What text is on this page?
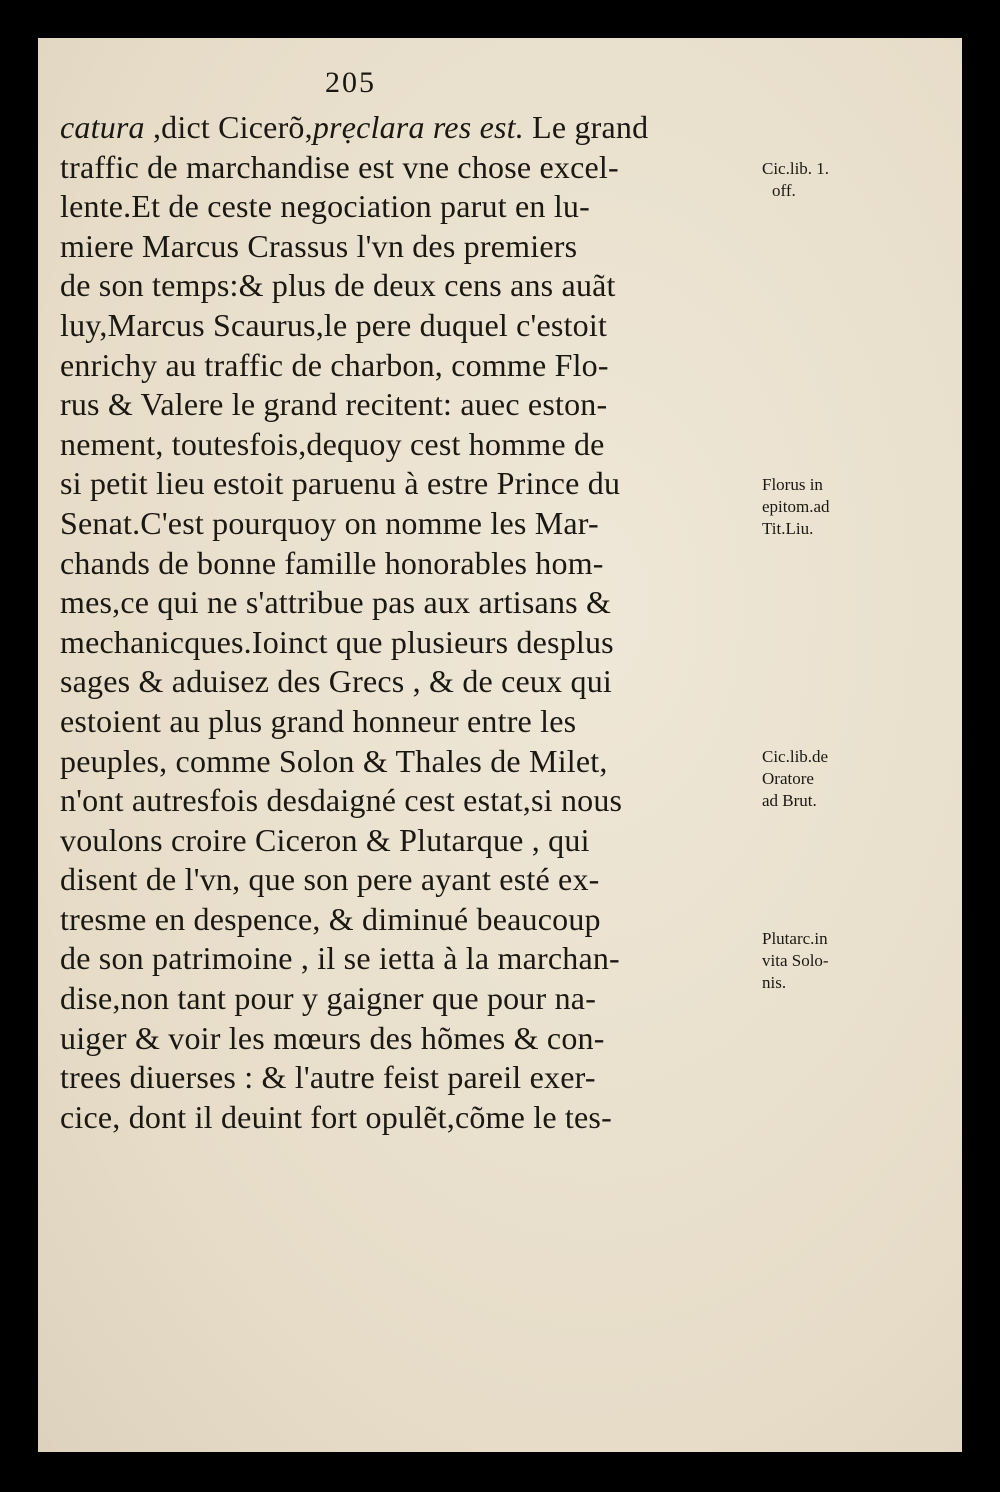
205
catura ,dict Cicerõ,prẹclara res est. Le grand
traffic de marchandise est vne chose excel-
lente.Et de ceste negociation parut en lu-
miere Marcus Crassus l'vn des premiers
de son temps:& plus de deux cens ans auãt
luy,Marcus Scaurus,le pere duquel c'estoit
enrichy au traffic de charbon, comme Flo-
rus & Valere le grand recitent: auec eston-
nement, toutesfois,dequoy cest homme de
si petit lieu estoit paruenu à estre Prince du
Senat.C'est pourquoy on nomme les Mar-
chands de bonne famille honorables hom-
mes,ce qui ne s'attribue pas aux artisans &
mechanicques.Ioinct que plusieurs desplus
sages & aduisez des Grecs , & de ceux qui
estoient au plus grand honneur entre les
peuples, comme Solon & Thales de Milet,
n'ont autresfois desdaigné cest estat,si nous
voulons croire Ciceron & Plutarque , qui
disent de l'vn, que son pere ayant esté ex-
tresme en despence, & diminué beaucoup
de son patrimoine , il se ietta à la marchan-
dise,non tant pour y gaigner que pour na-
uiger & voir les mœurs des hõmes & con-
trees diuerses : & l'autre feist pareil exer-
cice, dont il deuint fort opulẽt,cõme le tes-
Cic.lib. 1.
off.
Florus in
epitom.ad
Tit.Liu.
Cic.lib.de
Oratore
ad Brut.
Plutarc.in
vita Solo-
nis.
